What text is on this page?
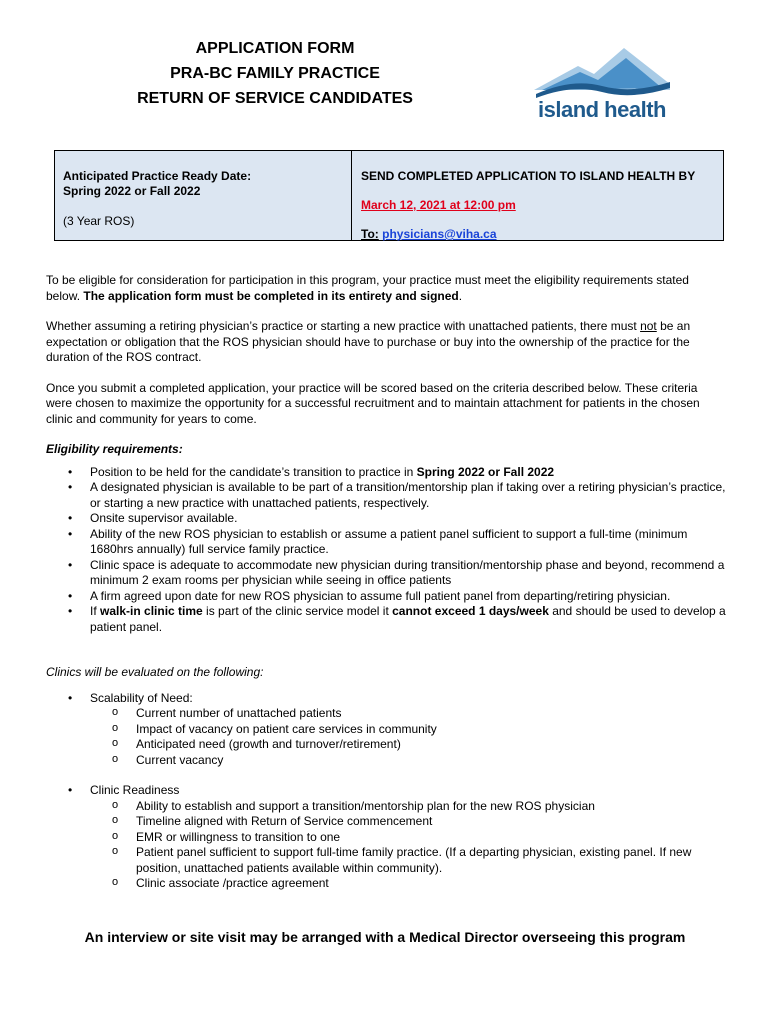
APPLICATION FORM
PRA-BC FAMILY PRACTICE
RETURN OF SERVICE CANDIDATES	island health
Anticipated Practice Ready Date:
Spring 2022 or Fall 2022
(3 Year ROS)
SEND COMPLETED APPLICATION TO ISLAND HEALTH BY
March 12, 2021 at 12:00 pm
To: physicians@viha.ca

To be eligible for consideration for participation in this program, your practice must meet the eligibility requirements stated below. The application form must be completed in its entirety and signed.

Whether assuming a retiring physician’s practice or starting a new practice with unattached patients, there must not be an expectation or obligation that the ROS physician should have to purchase or buy into the ownership of the practice for the duration of the ROS contract.

Once you submit a completed application, your practice will be scored based on the criteria described below. These criteria were chosen to maximize the opportunity for a successful recruitment and to maintain attachment for patients in the chosen clinic and community for years to come.

Eligibility requirements:
• Position to be held for the candidate’s transition to practice in Spring 2022 or Fall 2022
• A designated physician is available to be part of a transition/mentorship plan if taking over a retiring physician’s practice, or starting a new practice with unattached patients, respectively.
• Onsite supervisor available.
• Ability of the new ROS physician to establish or assume a patient panel sufficient to support a full-time (minimum 1680hrs annually) full service family practice.
• Clinic space is adequate to accommodate new physician during transition/mentorship phase and beyond, recommend a minimum 2 exam rooms per physician while seeing in office patients
• A firm agreed upon date for new ROS physician to assume full patient panel from departing/retiring physician.
• If walk-in clinic time is part of the clinic service model it cannot exceed 1 days/week and should be used to develop a patient panel.
Clinics will be evaluated on the following:
• Scalability of Need:
o Current number of unattached patients
o Impact of vacancy on patient care services in community
o Anticipated need (growth and turnover/retirement)
o Current vacancy
• Clinic Readiness
o Ability to establish and support a transition/mentorship plan for the new ROS physician
o Timeline aligned with Return of Service commencement
o EMR or willingness to transition to one
o Patient panel sufficient to support full-time family practice. (If a departing physician, existing panel. If new position, unattached patients available within community).
o Clinic associate /practice agreement
An interview or site visit may be arranged with a Medical Director overseeing this program
